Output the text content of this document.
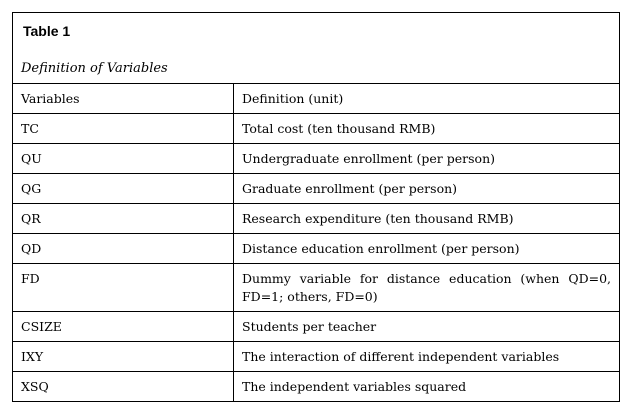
Table 1
Definition of Variables
Variables	Definition (unit)
TC	Total cost (ten thousand RMB)
QU	Undergraduate enrollment (per person)
QG	Graduate enrollment (per person)
QR	Research expenditure (ten thousand RMB)
QD	Distance education enrollment (per person)
FD	Dummy variable for distance education (when QD=0, FD=1; others, FD=0)
CSIZE	Students per teacher
IXY	The interaction of different independent variables
XSQ	The independent variables squared
